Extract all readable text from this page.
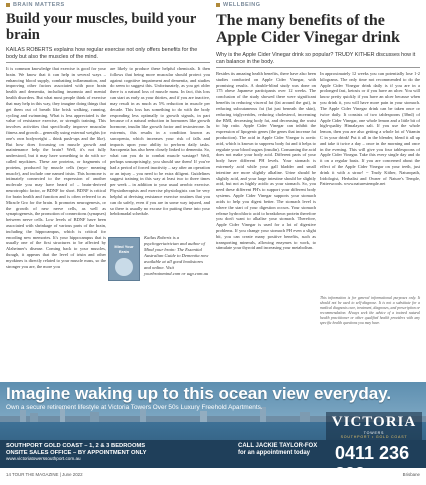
BRAIN MATTERS
Build your muscles, build your brain
KAILAS ROBERTS explains how regular exercise not only offers benefits for the body but also the muscles of the mind.

It is common knowledge that exercise is good for your brain. We know that it can help in several ways – enhancing blood supply, combatting inflammation, and improving other factors associated with poor brain health and dementia, including insomnia and mental health disorders. But what most people think of exercise that may help in this way, they imagine doing things that get them out of breath like brisk walking, running, cycling and swimming. What is less appreciated is the value of resistance exercise, or strength training. This involves activities that specifically improve muscular fitness and growth – generally using external weights (or one's own bodyweight – think push-ups and the like). But how does focussing on muscle growth and maintenance help the brain? Well, it's not fully understood, but it may have something to do with so-called myokines. These are proteins, or fragments of proteins, produced by muscle cells (myo- meaning muscle), and include one named irisin. This hormone is intimately connected to the expression of another molecule you may have heard of – brain-derived neurotrophic factor, or BDNF for short. BDNF is critical for brain health and function and is often referred to as Miracle Gro for the brain. It promotes neurogenesis, or the growth of new nerve cells, as well as synaptogenesis, the promotion of connections (synapses) between nerve cells. Low levels of BDNF have been associated with shrinkage of various parts of the brain, including the hippocampus, which is critical for encoding new memories. It's your hippocampus that is usually one of the first structures to be affected by Alzheimer's disease. Coming back to your muscles, though, it appears that the level of irisin and other myokines is directly related to your muscle mass, so the stronger you are, the more you

are likely to produce these helpful chemicals. It then follows that being more muscular should protect you against cognitive impairment and dementia, and studies do seem to suggest this. Unfortunately, as you get older there is a natural loss of muscle mass. In fact, this loss can start as early as your thirties, and if you are inactive, may result in as much as 5% reduction in muscle per decade. This loss has something to do with the body responding less optimally to growth signals, in part because of a natural reduction in hormones like growth hormone, insulin like growth factor and testosterone. In extremis, this results in a condition known as sarcopenia, which increases your risk of falls and impacts upon your ability to perform daily tasks. Sarcopenia has also been closely linked to dementia. So, what can you do to combat muscle wastage? Well, perhaps unsurprisingly, you should use them! If you've had a period of forced inactivity – say after an operation or an injury – you need to be extra diligent. Guidelines suggest training in this way at least two to three times per week – in addition to your usual aerobic exercise. Physiotherapists and exercise physiologists can be very helpful at devising resistance exercise routines that you can do safely, even if you are in some way injured, and so there is usually no excuse for putting these into your hebdomadal schedule.

Mind Your Brain
Kailas Roberts is a psychogeriatrician and author of Mind your brain: The Essential Australian Guide to Dementia now available at all good bookstores and online. Visit yourbrainmind.com or uqp.com.au
WELLBEING
The many benefits of the Apple Cider Vinegar drink
Why is the Apple Cider Vinegar drink so popular? TRUDY KITHER discusses how it can balance in the body.

Besides its amazing health benefits, there have also been studies conducted on Apple Cider Vinegar, with promising results. A double-blind study was done on 175 obese Japanese participants over 12 weeks. The conclusion of the study showed there were significant benefits in reducing visceral fat (fat around the gut), in reducing subcutaneous fat (fat just beneath the skin), reducing triglycerides, reducing cholesterol, increasing the BMI, decreasing body fat, and decreasing the waist to hip ratio. Apple Cider Vinegar can inhibit the expression of lipogenic genes (the genes that increase fat production). The acid in Apple Cider Vinegar is acetic acid, which is known to suppress body fat and it helps to regulate your blood sugars (insulin). Consuming the acid does not make your body acid. Different parts of your body have different PH levels. Your stomach is extremely acid while your gall bladder and small intestine are more slightly alkaline. Urine should be slightly acid, and your large intestine should be slightly acid, but not as highly acidic as your stomach. So, you need these different PH's to support your different body systems. Apple Cider Vinegar supports your stomach acids to help you digest better. The stomach level is where the start of your digestion occurs. Your stomach release hydrochloric acid to breakdown protein therefore you don't want to alkalise your stomach. Therefore, Apple Cider Vinegar is used for a lot of digestive problems. If you change your stomach PH even a slight bit, you can create many positive benefits, such as transporting minerals, allowing enzymes to work, to stimulate your thyroid and increasing your metabolism.

In approximately 12 weeks you can potentially lose 1-2 kilograms. The only time not recommended to do the Apple Cider Vinegar drink daily is if you are in a prolonged fast, ketosis or if you have an ulcer. You will know pretty quickly if you have an ulcer because when you drink it, you will have more pain in your stomach. The Apple Cider Vinegar drink can be taken once or twice daily. It consists of two tablespoons (30ml) of Apple Cider Vinegar, one whole lemon and a little bit of high-quality Himalayan salt. If you use the whole lemon, then you are also getting a whole lot of Vitamin C in your drink! Put it all in the blender, blend it all up and take it twice a day – once in the morning and once in the evening. This will give you four tablespoons of Apple Cider Vinegar. Take this every single day and do it on a regular basis. If you are concerned about the effect of the Apple Cider Vinegar on your teeth, just drink it with a straw! ~ Trudy Kither, Naturopath, Iridologist, Herbalist and Owner of Nature's Temple, Patterwoods. www.naturestemple.net

This information is for general informational purposes only. It should not be used to self-diagnose. It is not a substitute for a medical diagnosis cure, treatment, diagnoses, and prescription or recommendation. Always seek the advice of a trained natural health practitioner or other qualified health providers with any specific health questions you may have.

Imagine waking up to this ocean view everyday.
Own a secure retirement lifestyle at Victoria Towers Over 50s Luxury Freehold Apartments.
VICTORIA
TOWERS
SOUTHPORT • GOLD COAST
SOUTHPORT GOLD COAST – 1, 2 & 3 BEDROOMS
ONSITE SALES OFFICE – BY APPOINTMENT ONLY
www.victoriatowerssouthport.com.au
CALL JACKIE TAYLOR-FOX
for an appointment today	0411 236 823
14 TOUR THE MAGAZINE | June 2022	Brisbane
